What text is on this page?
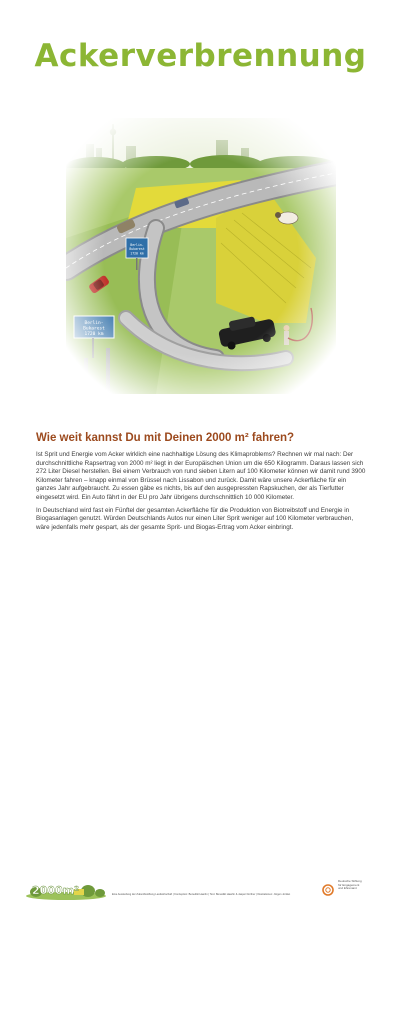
Ackerverbrennung
Wie weit kannst Du mit Deinen 2000 m² fahren?

Ist Sprit und Energie vom Acker wirklich eine nachhaltige Lösung des Klimaproblems? Rechnen wir mal nach: Der durchschnittliche Rapsertrag von 2000 m² liegt in der Europäischen Union um die 650 Kilogramm. Daraus lassen sich 272 Liter Diesel herstellen. Bei einem Verbrauch von rund sieben Litern auf 100 Kilometer können wir damit rund 3900 Kilometer fahren – knapp einmal von Brüssel nach Lissabon und zurück. Damit wäre unsere Ackerfläche für ein ganzes Jahr aufgebraucht. Zu essen gäbe es nichts, bis auf den ausgepressten Rapskuchen, der als Tierfutter eingesetzt wird. Ein Auto fährt in der EU pro Jahr übrigens durchschnittlich 10 000 Kilometer.

In Deutschland wird fast ein Fünftel der gesamten Ackerfläche für die Produktion von Biotreibstoff und Energie in Biogasanlagen genutzt. Würden Deutschlands Autos nur einen Liter Sprit weniger auf 100 Kilometer verbrauchen, wäre jedenfalls mehr gespart, als der gesamte Sprit- und Biogas-Ertrag vom Acker einbringt.

2000m²	Eine Ausstellung der Zukunftsstiftung Landwirtschaft | Konzeption: Benedikt Haerlin | Text: Benedikt Haerlin & Jasper Dorfner | Illustrationen: Jürgen Jordan
Deutsche Stiftung
für Engagement
und Ehrenamt
